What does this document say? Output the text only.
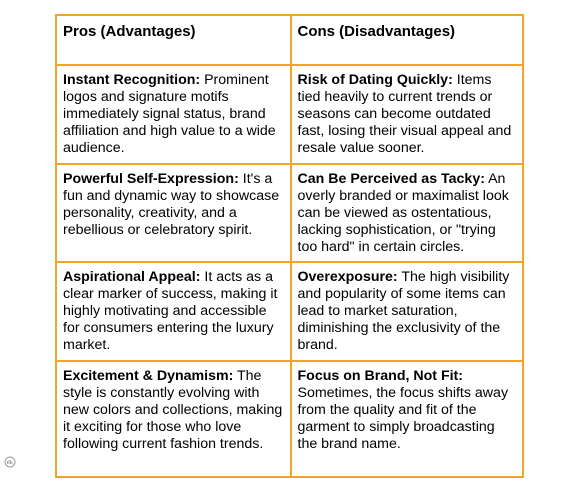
Pros (Advantages)	Cons (Disadvantages)
Instant Recognition: Prominent logos and signature motifs immediately signal status, brand affiliation and high value to a wide audience.
Risk of Dating Quickly: Items tied heavily to current trends or seasons can become outdated fast, losing their visual appeal and resale value sooner.
Powerful Self-Expression: It's a fun and dynamic way to showcase personality, creativity, and a rebellious or celebratory spirit.
Can Be Perceived as Tacky: An overly branded or maximalist look can be viewed as ostentatious, lacking sophistication, or "trying too hard" in certain circles.
Aspirational Appeal: It acts as a clear marker of success, making it highly motivating and accessible for consumers entering the luxury market.
Overexposure: The high visibility and popularity of some items can lead to market saturation, diminishing the exclusivity of the brand.
Excitement & Dynamism: The style is constantly evolving with new colors and collections, making it exciting for those who love following current fashion trends.
Focus on Brand, Not Fit: Sometimes, the focus shifts away from the quality and fit of the garment to simply broadcasting the brand name.
